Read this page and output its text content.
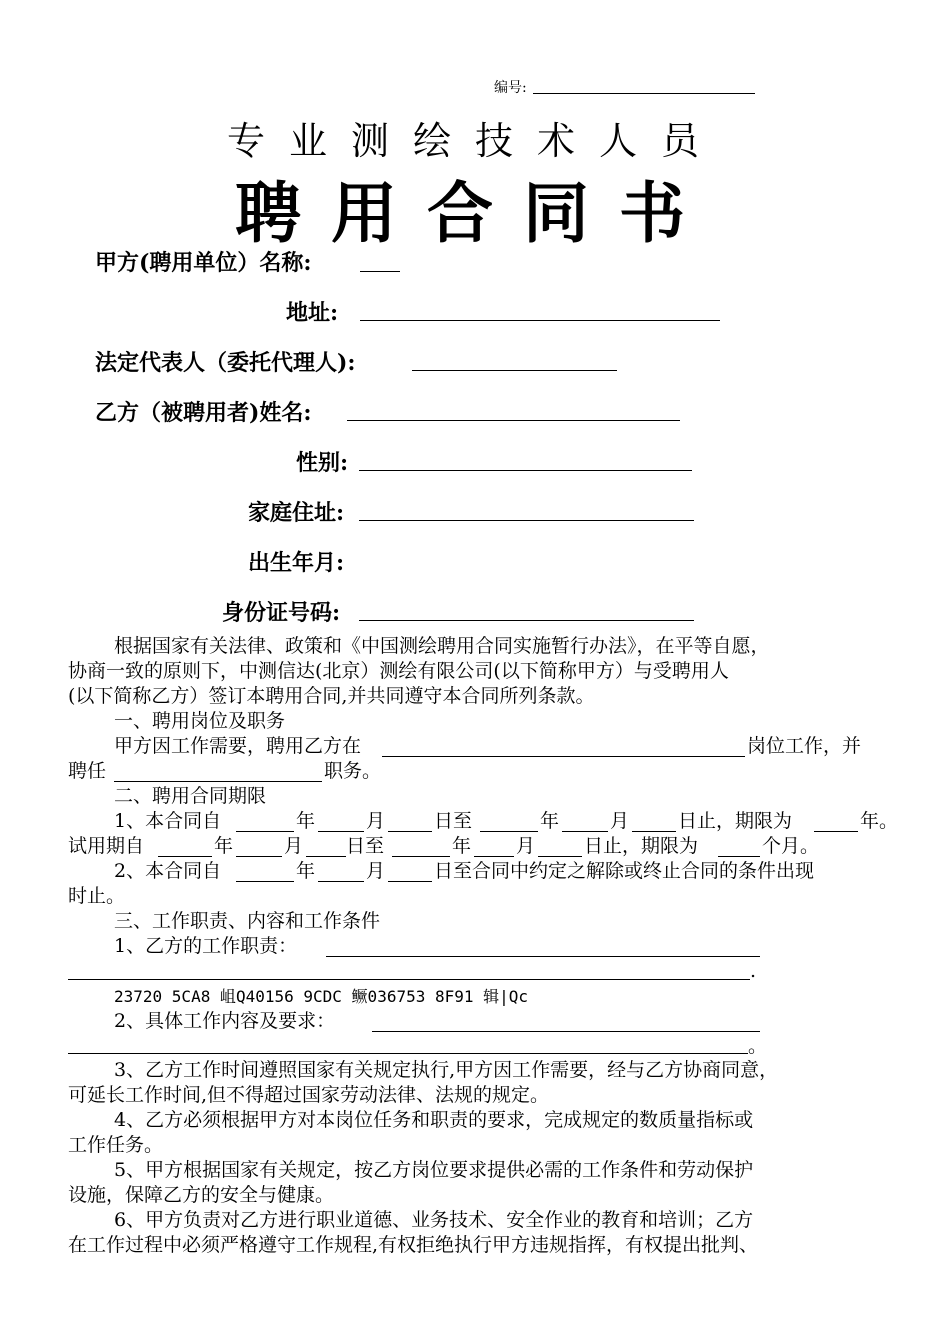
编号:
专业测绘技术人员
聘用合同书
甲方(聘用单位）名称:
地址:
法定代表人（委托代理人):
乙方（被聘用者)姓名:
性别:
家庭住址:
出生年月:
身份证号码:
根据国家有关法律、政策和《中国测绘聘用合同实施暂行办法》，在平等自愿，
协商一致的原则下，中测信达(北京）测绘有限公司(以下简称甲方）与受聘用人
(以下简称乙方）签订本聘用合同,并共同遵守本合同所列条款。
一、聘用岗位及职务
甲方因工作需要，聘用乙方在	岗位工作，并
聘任	职务。
二、聘用合同期限
1、本合同自	年	月	日至	年	月	日止，期限为	年。
试用期自	年	月 日至	年 月	日止，期限为	个月。
2、本合同自	年	月	日至合同中约定之解除或终止合同的条件出现
时止。
三、工作职责、内容和工作条件
1、乙方的工作职责：
.
23720 5CA8 岨Q40156 9CDC 鳜036753 8F91 辑|Qc
2、具体工作内容及要求：
。
3、乙方工作时间遵照国家有关规定执行,甲方因工作需要，经与乙方协商同意，
可延长工作时间,但不得超过国家劳动法律、法规的规定。
4、乙方必须根据甲方对本岗位任务和职责的要求，完成规定的数质量指标或
工作任务。
5、甲方根据国家有关规定，按乙方岗位要求提供必需的工作条件和劳动保护
设施，保障乙方的安全与健康。
6、甲方负责对乙方进行职业道德、业务技术、安全作业的教育和培训；乙方
在工作过程中必须严格遵守工作规程,有权拒绝执行甲方违规指挥，有权提出批判、
